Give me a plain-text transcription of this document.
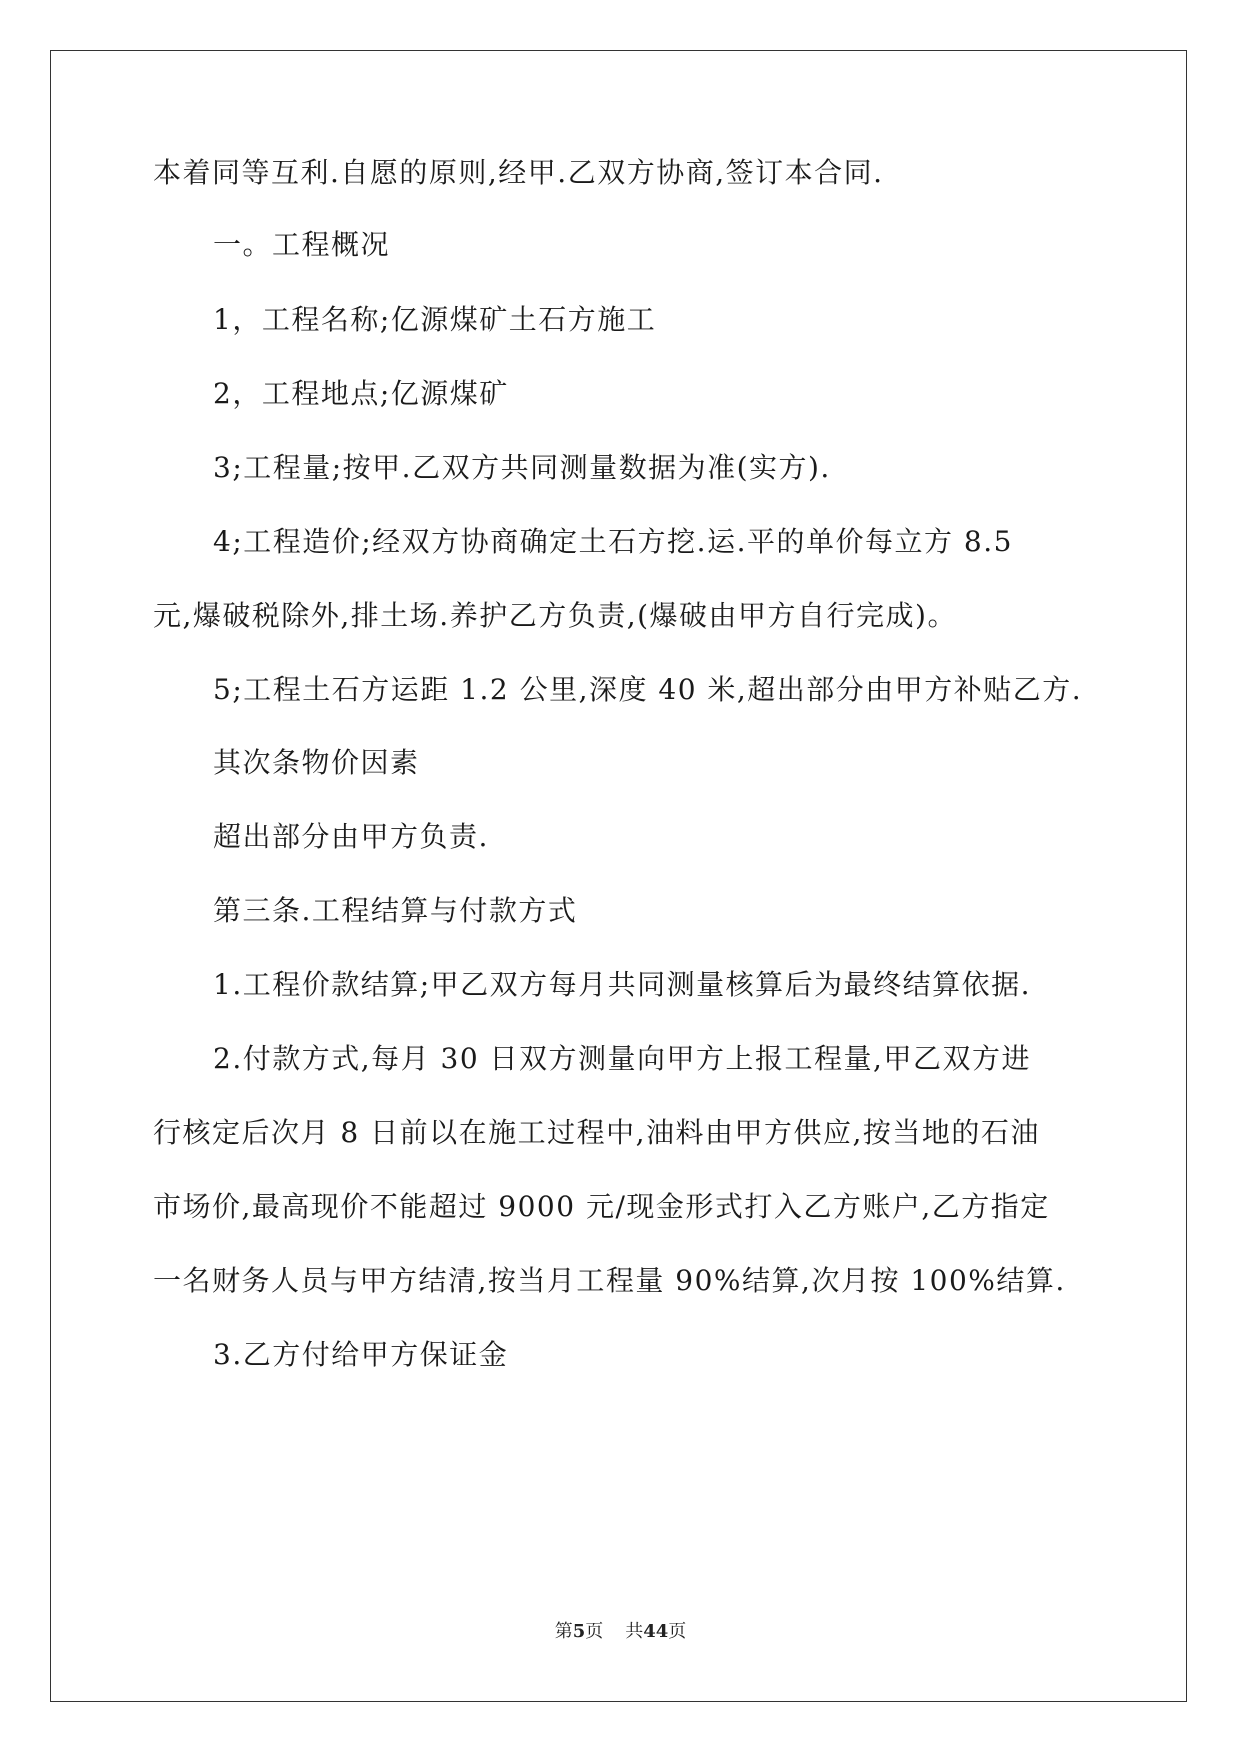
本着同等互利.自愿的原则,经甲.乙双方协商,签订本合同.
一。工程概况
1，工程名称;亿源煤矿土石方施工
2，工程地点;亿源煤矿
3;工程量;按甲.乙双方共同测量数据为准(实方).
4;工程造价;经双方协商确定土石方挖.运.平的单价每立方 8.5
元,爆破税除外,排土场.养护乙方负责,(爆破由甲方自行完成)。
5;工程土石方运距 1.2 公里,深度 40 米,超出部分由甲方补贴乙方.
其次条物价因素
超出部分由甲方负责.
第三条.工程结算与付款方式
1.工程价款结算;甲乙双方每月共同测量核算后为最终结算依据.
2.付款方式,每月 30 日双方测量向甲方上报工程量,甲乙双方进
行核定后次月 8 日前以在施工过程中,油料由甲方供应,按当地的石油
市场价,最高现价不能超过 9000 元/现金形式打入乙方账户,乙方指定
一名财务人员与甲方结清,按当月工程量 90%结算,次月按 100%结算.
3.乙方付给甲方保证金
第5页 共44页
